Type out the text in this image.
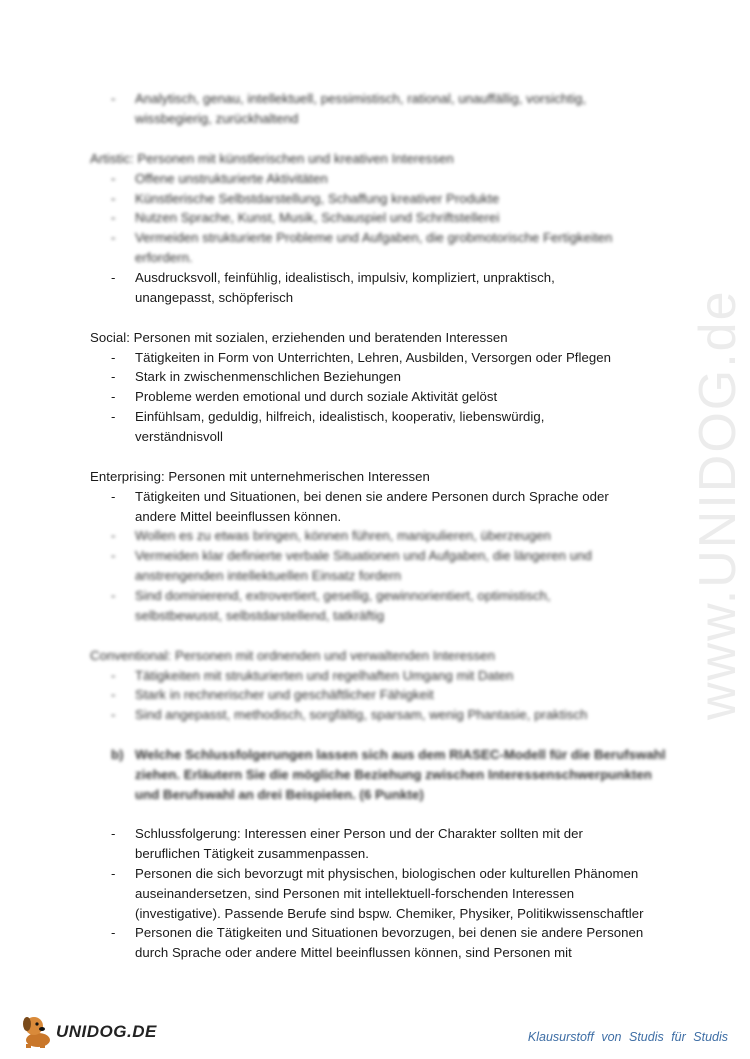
www.UNIDOG.de
- Analytisch, genau, intellektuell, pessimistisch, rational, unauffällig, vorsichtig,
wissbegierig, zurückhaltend
Artistic: Personen mit künstlerischen und kreativen Interessen
- Offene unstrukturierte Aktivitäten
- Künstlerische Selbstdarstellung, Schaffung kreativer Produkte
- Nutzen Sprache, Kunst, Musik, Schauspiel und Schriftstellerei
- Vermeiden strukturierte Probleme und Aufgaben, die grobmotorische Fertigkeiten
erfordern.
- Ausdrucksvoll, feinfühlig, idealistisch, impulsiv, kompliziert, unpraktisch,
unangepasst, schöpferisch
Social: Personen mit sozialen, erziehenden und beratenden Interessen
- Tätigkeiten in Form von Unterrichten, Lehren, Ausbilden, Versorgen oder Pflegen
- Stark in zwischenmenschlichen Beziehungen
- Probleme werden emotional und durch soziale Aktivität gelöst
- Einfühlsam, geduldig, hilfreich, idealistisch, kooperativ, liebenswürdig,
verständnisvoll
Enterprising: Personen mit unternehmerischen Interessen
- Tätigkeiten und Situationen, bei denen sie andere Personen durch Sprache oder
andere Mittel beeinflussen können.
- Wollen es zu etwas bringen, können führen, manipulieren, überzeugen
- Vermeiden klar definierte verbale Situationen und Aufgaben, die längeren und
anstrengenden intellektuellen Einsatz fordern
- Sind dominierend, extrovertiert, gesellig, gewinnorientiert, optimistisch,
selbstbewusst, selbstdarstellend, tatkräftig
Conventional: Personen mit ordnenden und verwaltenden Interessen
- Tätigkeiten mit strukturierten und regelhaften Umgang mit Daten
- Stark in rechnerischer und geschäftlicher Fähigkeit
- Sind angepasst, methodisch, sorgfältig, sparsam, wenig Phantasie, praktisch
b) Welche Schlussfolgerungen lassen sich aus dem RIASEC-Modell für die Berufswahl
ziehen. Erläutern Sie die mögliche Beziehung zwischen Interessenschwerpunkten
und Berufswahl an drei Beispielen. (6 Punkte)
- Schlussfolgerung: Interessen einer Person und der Charakter sollten mit der
beruflichen Tätigkeit zusammenpassen.
- Personen die sich bevorzugt mit physischen, biologischen oder kulturellen Phänomen
auseinandersetzen, sind Personen mit intellektuell-forschenden Interessen
(investigative). Passende Berufe sind bspw. Chemiker, Physiker, Politikwissenschaftler
- Personen die Tätigkeiten und Situationen bevorzugen, bei denen sie andere Personen
durch Sprache oder andere Mittel beeinflussen können, sind Personen mit
UNIDOG.DE	Klausurstoff von Studis für Studis
